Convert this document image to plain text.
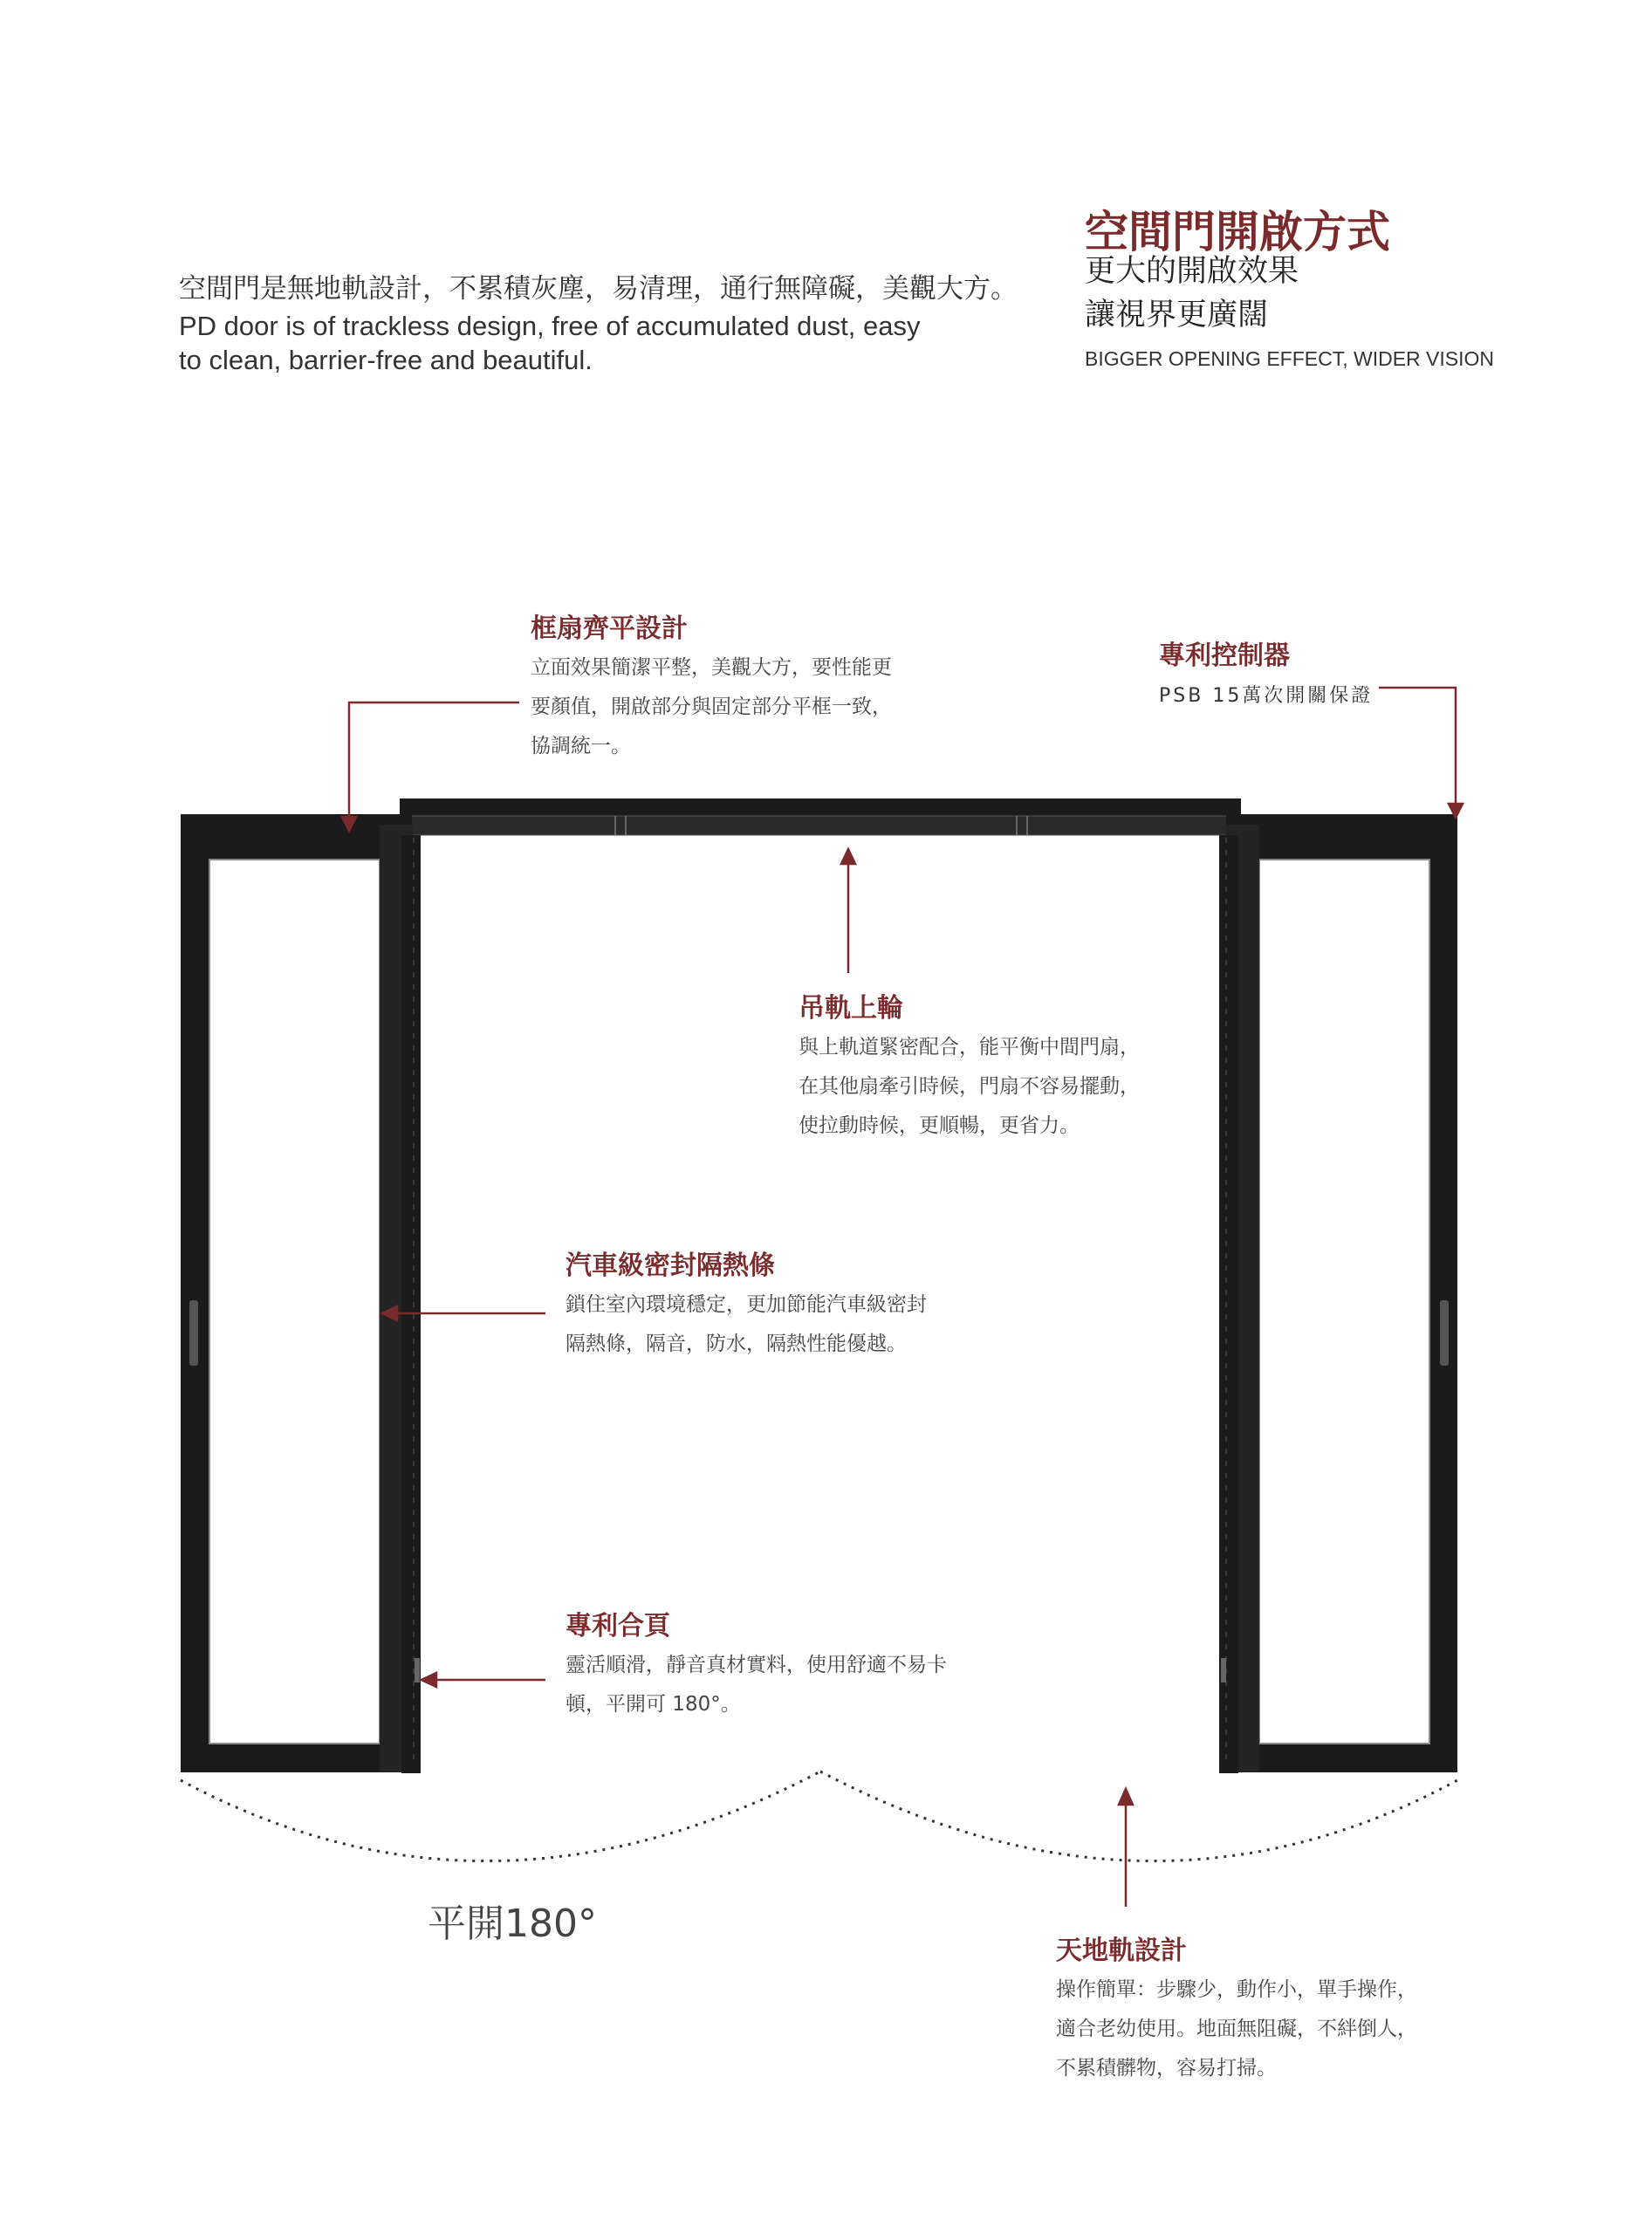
空間門是無地軌設計，不累積灰塵，易清理，通行無障礙，美觀大方。
PD door is of trackless design, free of accumulated dust, easy
to clean, barrier-free and beautiful.
空間門開啟方式
更大的開啟效果
讓視界更廣闊
BIGGER OPENING EFFECT, WIDER VISION
框扇齊平設計
立面效果簡潔平整，美觀大方，要性能更
要顏值，開啟部分與固定部分平框一致，
協調統一。
專利控制器
PSB 15萬次開關保證
吊軌上輪
與上軌道緊密配合，能平衡中間門扇，
在其他扇牽引時候，門扇不容易擺動，
使拉動時候，更順暢，更省力。
汽車級密封隔熱條
鎖住室內環境穩定，更加節能汽車級密封
隔熱條，隔音，防水，隔熱性能優越。
專利合頁
靈活順滑，靜音真材實料，使用舒適不易卡
頓，平開可 180°。
平開180°
天地軌設計
操作簡單：步驟少，動作小，單手操作，
適合老幼使用。地面無阻礙，不絆倒人，
不累積髒物，容易打掃。
